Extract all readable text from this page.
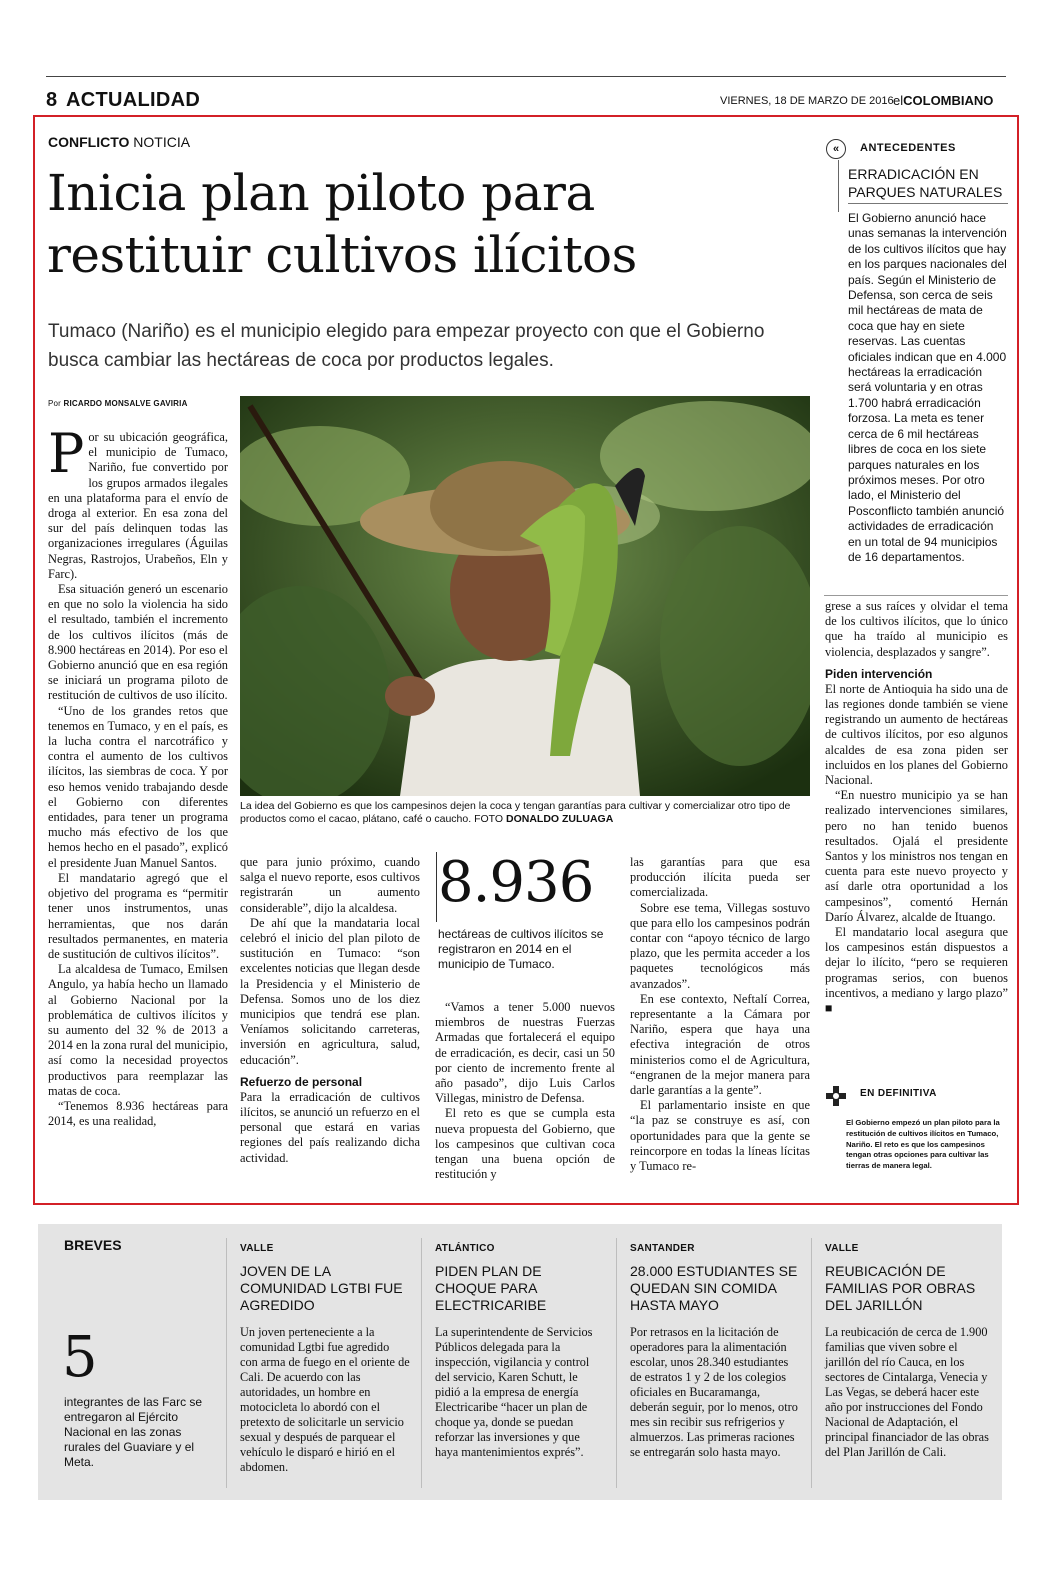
8 ACTUALIDAD	VIERNES, 18 DE MARZO DE 2016 elCOLOMBIANO
CONFLICTO NOTICIA
Inicia plan piloto para
restituir cultivos ilícitos
Tumaco (Nariño) es el municipio elegido para empezar proyecto con que el Gobierno busca cambiar las hectáreas de coca por productos legales.
Por RICARDO MONSALVE GAVIRIA

Por su ubicación geográfica, el municipio de Tumaco, Nariño, fue convertido por los grupos armados ilegales en una plataforma para el envío de droga al exterior. En esa zona del sur del país delinquen todas las organizaciones irregulares (Águilas Negras, Rastrojos, Urabeños, Eln y Farc).

Esa situación generó un escenario en que no solo la violencia ha sido el resultado, también el incremento de los cultivos ilícitos (más de 8.900 hectáreas en 2014). Por eso el Gobierno anunció que en esa región se iniciará un programa piloto de restitución de cultivos de uso ilícito.

“Uno de los grandes retos que tenemos en Tumaco, y en el país, es la lucha contra el narcotráfico y contra el aumento de los cultivos ilícitos, las siembras de coca. Y por eso hemos venido trabajando desde el Gobierno con diferentes entidades, para tener un programa mucho más efectivo de los que hemos hecho en el pasado”, explicó el presidente Juan Manuel Santos.

El mandatario agregó que el objetivo del programa es “permitir tener unos instrumentos, unas herramientas, que nos darán resultados permanentes, en materia de sustitución de cultivos ilícitos”.

La alcaldesa de Tumaco, Emilsen Angulo, ya había hecho un llamado al Gobierno Nacional por la problemática de cultivos ilícitos y su aumento del 32 % de 2013 a 2014 en la zona rural del municipio, así como la necesidad proyectos productivos para reemplazar las matas de coca.

“Tenemos 8.936 hectáreas para 2014, es una realidad,

La idea del Gobierno es que los campesinos dejen la coca y tengan garantías para cultivar y comercializar otro tipo de productos como el cacao, plátano, café o caucho. FOTO DONALDO ZULUAGA

que para junio próximo, cuando salga el nuevo reporte, esos cultivos registrarán un aumento considerable”, dijo la alcaldesa.

De ahí que la mandataria local celebró el inicio del plan piloto de sustitución en Tumaco: “son excelentes noticias que llegan desde la Presidencia y el Ministerio de Defensa. Somos uno de los diez municipios que tendrá ese plan. Veníamos solicitando carreteras, inversión en agricultura, salud, educación”.

Refuerzo de personal

Para la erradicación de cultivos ilícitos, se anunció un refuerzo en el personal que estará en varias regiones del país realizando dicha actividad.

8.936
hectáreas de cultivos ilícitos se registraron en 2014 en el municipio de Tumaco.

“Vamos a tener 5.000 nuevos miembros de nuestras Fuerzas Armadas que fortalecerá el equipo de erradicación, es decir, casi un 50 por ciento de incremento frente al año pasado”, dijo Luis Carlos Villegas, ministro de Defensa.

El reto es que se cumpla esta nueva propuesta del Gobierno, que los campesinos que cultivan coca tengan una buena opción de restitución y

las garantías para que esa producción ilícita pueda ser comercializada.

Sobre ese tema, Villegas sostuvo que para ello los campesinos podrán contar con “apoyo técnico de largo plazo, que les permita acceder a los paquetes tecnológicos más avanzados”.

En ese contexto, Neftalí Correa, representante a la Cámara por Nariño, espera que haya una efectiva integración de otros ministerios como el de Agricultura, “engranen de la mejor manera para darle garantías a la gente”.

El parlamentario insiste en que “la paz se construye es así, con oportunidades para que la gente se reincorpore en todas la líneas lícitas y Tumaco re-

«	ANTECEDENTES
ERRADICACIÓN EN PARQUES NATURALES
El Gobierno anunció hace unas semanas la intervención de los cultivos ilícitos que hay en los parques nacionales del país. Según el Ministerio de Defensa, son cerca de seis mil hectáreas de mata de coca que hay en siete reservas. Las cuentas oficiales indican que en 4.000 hectáreas la erradicación será voluntaria y en otras 1.700 habrá erradicación forzosa. La meta es tener cerca de 6 mil hectáreas libres de coca en los siete parques naturales en los próximos meses. Por otro lado, el Ministerio del Posconflicto también anunció actividades de erradicación en un total de 94 municipios de 16 departamentos.

grese a sus raíces y olvidar el tema de los cultivos ilícitos, que lo único que ha traído al municipio es violencia, desplazados y sangre”.

Piden intervención

El norte de Antioquia ha sido una de las regiones donde también se viene registrando un aumento de hectáreas de cultivos ilícitos, por eso algunos alcaldes de esa zona piden ser incluidos en los planes del Gobierno Nacional.

“En nuestro municipio ya se han realizado intervenciones similares, pero no han tenido buenos resultados. Ojalá el presidente Santos y los ministros nos tengan en cuenta para este nuevo proyecto y así darle otra oportunidad a los campesinos”, comentó Hernán Darío Álvarez, alcalde de Ituango.

El mandatario local asegura que los campesinos están dispuestos a dejar lo ilícito, “pero se requieren programas serios, con buenos incentivos, a mediano y largo plazo” ■

EN DEFINITIVA
El Gobierno empezó un plan piloto para la restitución de cultivos ilícitos en Tumaco, Nariño. El reto es que los campesinos tengan otras opciones para cultivar las tierras de manera legal.
BREVES
5
integrantes de las Farc se entregaron al Ejército Nacional en las zonas rurales del Guaviare y el Meta.
VALLE
JOVEN DE LA COMUNIDAD LGTBI FUE AGREDIDO
Un joven perteneciente a la comunidad Lgtbi fue agredido con arma de fuego en el oriente de Cali. De acuerdo con las autoridades, un hombre en motocicleta lo abordó con el pretexto de solicitarle un servicio sexual y después de parquear el vehículo le disparó e hirió en el abdomen.
ATLÁNTICO
PIDEN PLAN DE CHOQUE PARA ELECTRICARIBE
La superintendente de Servicios Públicos delegada para la inspección, vigilancia y control del servicio, Karen Schutt, le pidió a la empresa de energía Electricaribe “hacer un plan de choque ya, donde se puedan reforzar las inversiones y que haya mantenimientos exprés”.
SANTANDER
28.000 ESTUDIANTES SE QUEDAN SIN COMIDA HASTA MAYO
Por retrasos en la licitación de operadores para la alimentación escolar, unos 28.340 estudiantes de estratos 1 y 2 de los colegios oficiales en Bucaramanga, deberán seguir, por lo menos, otro mes sin recibir sus refrigerios y almuerzos. Las primeras raciones se entregarán solo hasta mayo.
VALLE
REUBICACIÓN DE FAMILIAS POR OBRAS DEL JARILLÓN
La reubicación de cerca de 1.900 familias que viven sobre el jarillón del río Cauca, en los sectores de Cintalarga, Venecia y Las Vegas, se deberá hacer este año por instrucciones del Fondo Nacional de Adaptación, el principal financiador de las obras del Plan Jarillón de Cali.
